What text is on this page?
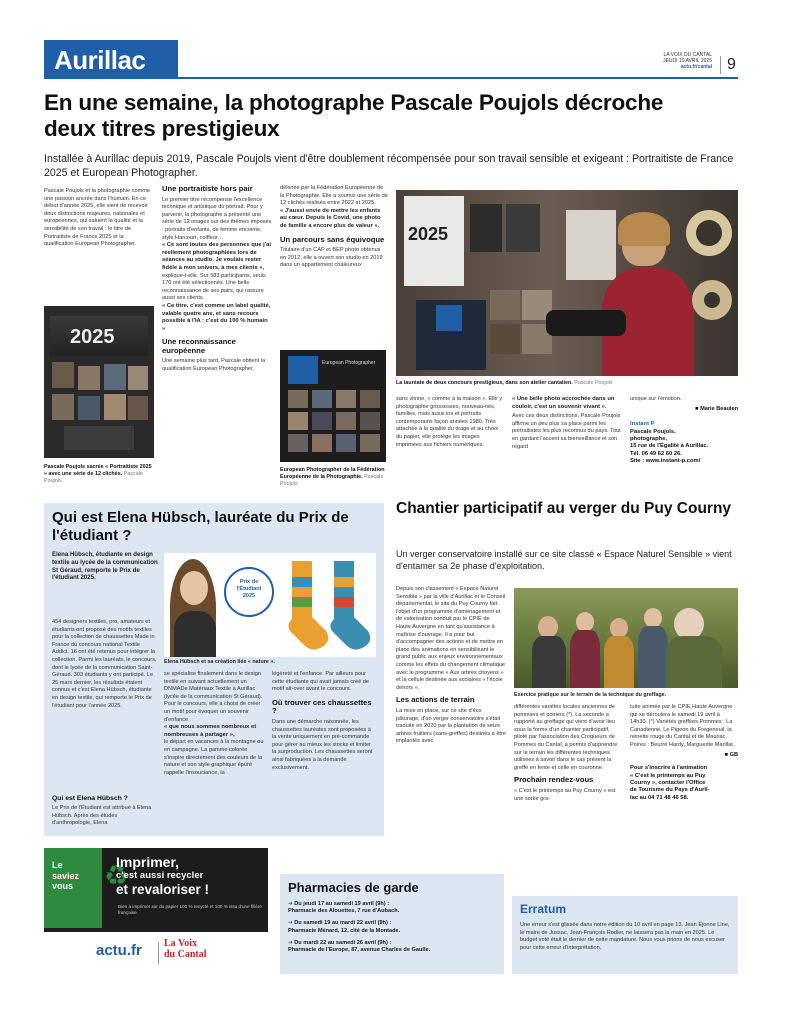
Aurillac	LA VOIX DU CANTAL
JEUDI 10 AVRIL 2025
actu.fr/cantal 9
En une semaine, la photographe Pascale Poujols décroche deux titres prestigieux

Installée à Aurillac depuis 2019, Pascale Poujols vient d'être doublement récompensée pour son travail sensible et exigeant : Portraitiste de France 2025 et European Photographer.

Pascale Poujols et la photographie comme une passion ancrée dans l'humain. En ce début d'année 2025, elle vient de recevoir deux distinctions majeures, nationales et européennes, qui saluent la qualité et la sensibilité de son travail : le titre de Portraitiste de France 2025 et la qualification European Photographer.

2025

Pascale Poujols sacrée « Portraitiste 2025 » avec une série de 12 clichés. Pascale Poujols

Une portraitiste hors pair

Le premier titre récompense l'excellence technique et artistique du portrait. Pour y parvenir, la photographe a présenté une série de 12 images sur des thèmes imposés : portraits d'enfants, de femme enceinte, style Harcourt, coiffeur…

« Ce sont toutes des personnes que j'ai réellement photographiées lors de séances au studio. Je voulais rester fidèle à mon univers, à mes clients »,

explique-t-elle. Sur 583 participants, seuls 170 ont été sélectionnés. Une belle reconnaissance de ses pairs, qui rassure aussi ses clients.

« Ce titre, c'est comme un label qualité, valable quatre ans, et sans recours possible à l'IA : c'est du 100 % humain »

Une reconnaissance européenne

Une semaine plus tard, Pascale obtient la qualification European Photographer,

délivrée par la Fédération Européenne de la Photographie. Elle a soumis une série de 12 clichés réalisés entre 2022 et 2025.

« J'aussi envie de mettre les enfants au cœur. Depuis le Covid, une photo de famille a encore plus de valeur ».

Un parcours sans équivoque

Titulaire d'un CAP et BEP photo obtenus en 2012, elle a ouvert son studio en 2019 dans un appartement chaleureux

European Photographer

European Photographer de la Fédération Européenne de la Photographie. Pascale Poujols

2025

La lauréate de deux concours prestigieux, dans son atelier cantalien. Pascale Poujols

sans vitrine, « comme à la maison ». Elle y photographie grossesses, nouveau-nés, familles, mais aussi ins et portraits contemporains façon années 1980. Très attachée à la qualité du tirage et au choix du papier, elle protège les images imprimées aux fichiers numériques.

« Une belle photo accrochée dans un couloir, c'est un souvenir vivant ».

Avec ces deux distinctions, Pascale Poujols affirme un peu plus sa place parmi les portraitistes les plus reconnus du pays. Tout en gardant l'accent sa bienveillance et son regard

unique sur l'émotion.

■ Marie Beaulen

Instant P
Pascale Poujols,
photographe,
15 rue de l'Égalité à Aurillac.
Tél. 06 49 62 60 26.
Site : www.instant-p.com/
Qui est Elena Hübsch, lauréate du Prix de l'étudiant ?

Elena Hübsch, étudiante en design textile au lycée de la communication St Géraud, remporte le Prix de l'étudiant 2025.

454 designers textiles, pro, amateurs et étudiants ont proposé des motifs textiles pour la collection de chaussettes Made in France du concours national Textile Addict. 16 ont été retenus pour intégrer la collection. Parmi les lauréats, le concours, dont le lycée de la communication Saint-Géraud. 303 étudiants y ont participé. Le 25 mars dernier, les résultats étaient connus et c'est Elena Hübsch, étudiante en design textile, qui remporte le Prix de l'étudiant pour l'année 2025.

Qui est Elena Hübsch ?

Le Prix de l'Étudiant est attribué à Elena Hübsch. Après des études d'anthropologie, Elena

Prix de
l'Étudiant
2025

Elena Hübsch et sa création liée « nature ».

se spécialise finalement dans le design textile en suivant actuellement un DNMADe Matériaux Textile à Aurillac (lycée de la communication St Géraud). Pour le concours, elle a choisi de créer un motif pour évoquer un souvenir d'enfance

« que nous sommes nombreux et nombreuses à partager »,

le départ en vacances à la montagne ou en campagne. La gamme colorée s'inspire directement des couleurs de la nature et son style graphique épuré rappelle l'insouciance, la

légèreté et l'enfance. Par ailleurs pour cette étudiante qui avait jamais créé de motif alt-over avant le concours.

Où trouver ces chaussettes ?

Dans une démarche raisonnée, les chaussettes lauréates sont proposées à la vente uniquement en pré-commande pour gérer au mieux les stocks et limiter la surproduction. Les chaussettes seront ainsi fabriquées à la demande exclusivement.

Chantier participatif au verger du Puy Courny

Un verger conservatoire installé sur ce site classé « Espace Naturel Sensible » vient d'entamer sa 2e phase d'exploitation.

Depuis son classement « Espace Naturel Sensible » par la ville d'Aurillac et le Conseil départemental, le site du Puy Courny fait l'objet d'un programme d'aménagement et de valorisation conduit par le CPIE de Haute Auvergne en tant qu'assistance à maîtrise d'ouvrage. Il a pour but d'accompagner des actions et de mettre en place des animations en sensibilisant le grand public aux enjeux environnementaux comme les effets du changement climatique avec le programme « Aux arbres citoyens » et la cellule destinée aux scolaires « l'école dehors ».

Les actions de terrain

La mise en place, sur ce site d'éco pâturage, d'un verger conservatoire s'était traduite en 2020 par la plantation de seize arbres fruitiers (sans-greffes) destinés à être implantés avec

Exercice pratique sur le terrain de la technique du greffage.

différentes variétés locales anciennes de pommiers et poiriers (*). La seconde a rapporté au greffage qui vient d'avoir lieu sous la forme d'un chantier participatif, piloté par l'association des Croqueurs de Pommes du Cantal, a permis d'apprendre sur le terrain les différentes techniques utilisées à savoir dans le cas présent la greffe en fente et celle en couronne.

Prochain rendez-vous

« C'est le printemps au Puy Courny » est une sortie gra-

tuite animée par le CPIE Haute Auvergne qui se déroulera le samedi 19 avril à 14h30. (*) Variétés greffées Pommes : La Canadienne, Le Pigeon du Fregeneuil, la reinette rouge du Cantal et de Mauriac. Poires : Beurré Hardy, Marguerite Marillat.

■ GB

Pour s'inscrire à l'animation
« C'est le printemps au Puy
Courny », contacter l'Office
de Tourisme du Pays d'Auril-
lac au 04 71 48 46 58.
Le
saviez
vous	♻
Imprimer,
c'est aussi recycler
et revaloriser !

Bien à imprimer sur du papier 100 % recyclé et 100 % issu d'une filière française.

actu.fr La Voix
du Cantal
Pharmacies de garde
➜ Du jeudi 17 au samedi 19 avril (9h) :
Pharmacie des Alouettes, 7 rue d'Aubach.
➜ Du samedi 19 au mardi 22 avril (9h) :
Pharmacie Ménard, 12, cité de la Montade.
➜ Du mardi 22 au samedi 26 avril (9h) :
Pharmacie de l'Europe, 87, avenue Charles de Gaulle.
Erratum

Une erreur s'est glissée dans notre édition du 10 avril en page 13. Jean Ejonne Line, le maire de Jussac, Jean-François Rodier, ne laissera pas la main en 2025. Le budget voté était le dernier de cette mandature. Nous vous prions de nous excuser pour cette erreur d'interprétation.
